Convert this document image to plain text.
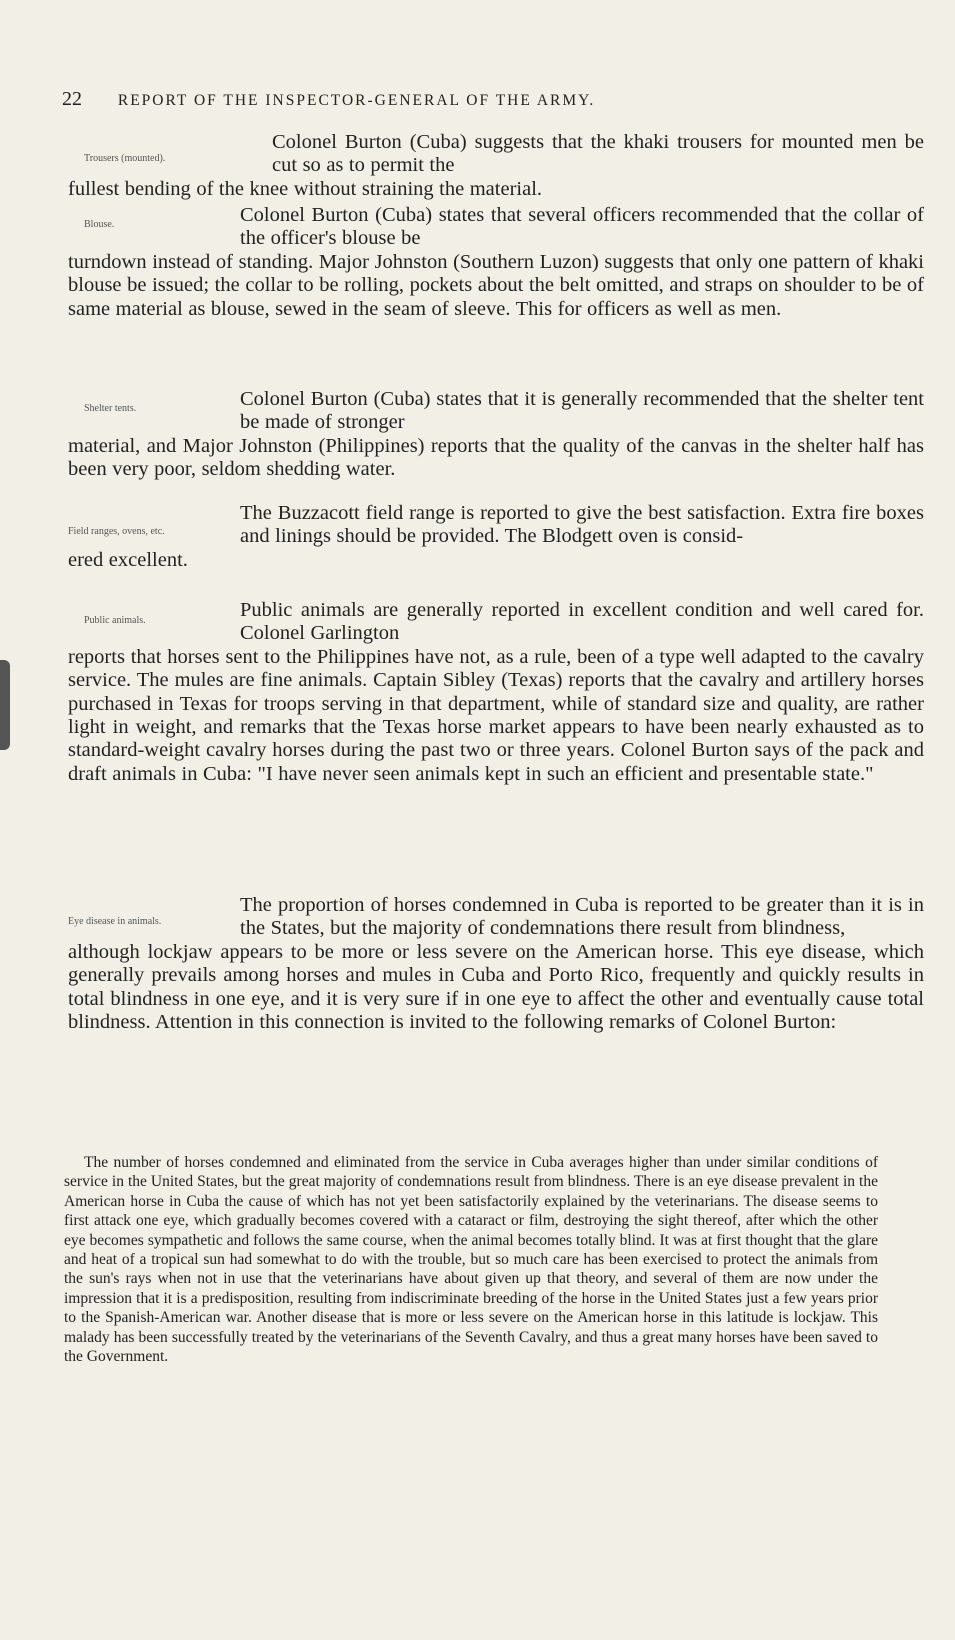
22 REPORT OF THE INSPECTOR-GENERAL OF THE ARMY.
Trousers (mounted).

Colonel Burton (Cuba) suggests that the khaki trousers for mounted men be cut so as to permit the
fullest bending of the knee without straining the material.

Blouse.	Colonel Burton (Cuba) states that several officers recommended that the collar of the officer's blouse be
turndown instead of standing. Major Johnston (Southern Luzon) suggests that only one pattern of khaki blouse be issued; the collar to be rolling, pockets about the belt omitted, and straps on shoulder to be of same material as blouse, sewed in the seam of sleeve. This for officers as well as men.

Shelter tents.	Colonel Burton (Cuba) states that it is generally recommended that the shelter tent be made of stronger
material, and Major Johnston (Philippines) reports that the quality of the canvas in the shelter half has been very poor, seldom shedding water.

Field ranges, ovens, etc.

The Buzzacott field range is reported to give the best satisfaction. Extra fire boxes and linings should be provided. The Blodgett oven is consid-
ered excellent.

Public animals.	Public animals are generally reported in excellent condition and well cared for. Colonel Garlington
reports that horses sent to the Philippines have not, as a rule, been of a type well adapted to the cavalry service. The mules are fine animals. Captain Sibley (Texas) reports that the cavalry and artillery horses purchased in Texas for troops serving in that department, while of standard size and quality, are rather light in weight, and remarks that the Texas horse market appears to have been nearly exhausted as to standard-weight cavalry horses during the past two or three years. Colonel Burton says of the pack and draft animals in Cuba: "I have never seen animals kept in such an efficient and presentable state."

Eye disease in animals.

The proportion of horses condemned in Cuba is reported to be greater than it is in the States, but the majority of condemnations there result from blindness,
although lockjaw appears to be more or less severe on the American horse. This eye disease, which generally prevails among horses and mules in Cuba and Porto Rico, frequently and quickly results in total blindness in one eye, and it is very sure if in one eye to affect the other and eventually cause total blindness. Attention in this connection is invited to the following remarks of Colonel Burton:

The number of horses condemned and eliminated from the service in Cuba averages higher than under similar conditions of service in the United States, but the great majority of condemnations result from blindness. There is an eye disease prevalent in the American horse in Cuba the cause of which has not yet been satisfactorily explained by the veterinarians. The disease seems to first attack one eye, which gradually becomes covered with a cataract or film, destroying the sight thereof, after which the other eye becomes sympathetic and follows the same course, when the animal becomes totally blind. It was at first thought that the glare and heat of a tropical sun had somewhat to do with the trouble, but so much care has been exercised to protect the animals from the sun's rays when not in use that the veterinarians have about given up that theory, and several of them are now under the impression that it is a predisposition, resulting from indiscriminate breeding of the horse in the United States just a few years prior to the Spanish-American war. Another disease that is more or less severe on the American horse in this latitude is lockjaw. This malady has been successfully treated by the veterinarians of the Seventh Cavalry, and thus a great many horses have been saved to the Government.
